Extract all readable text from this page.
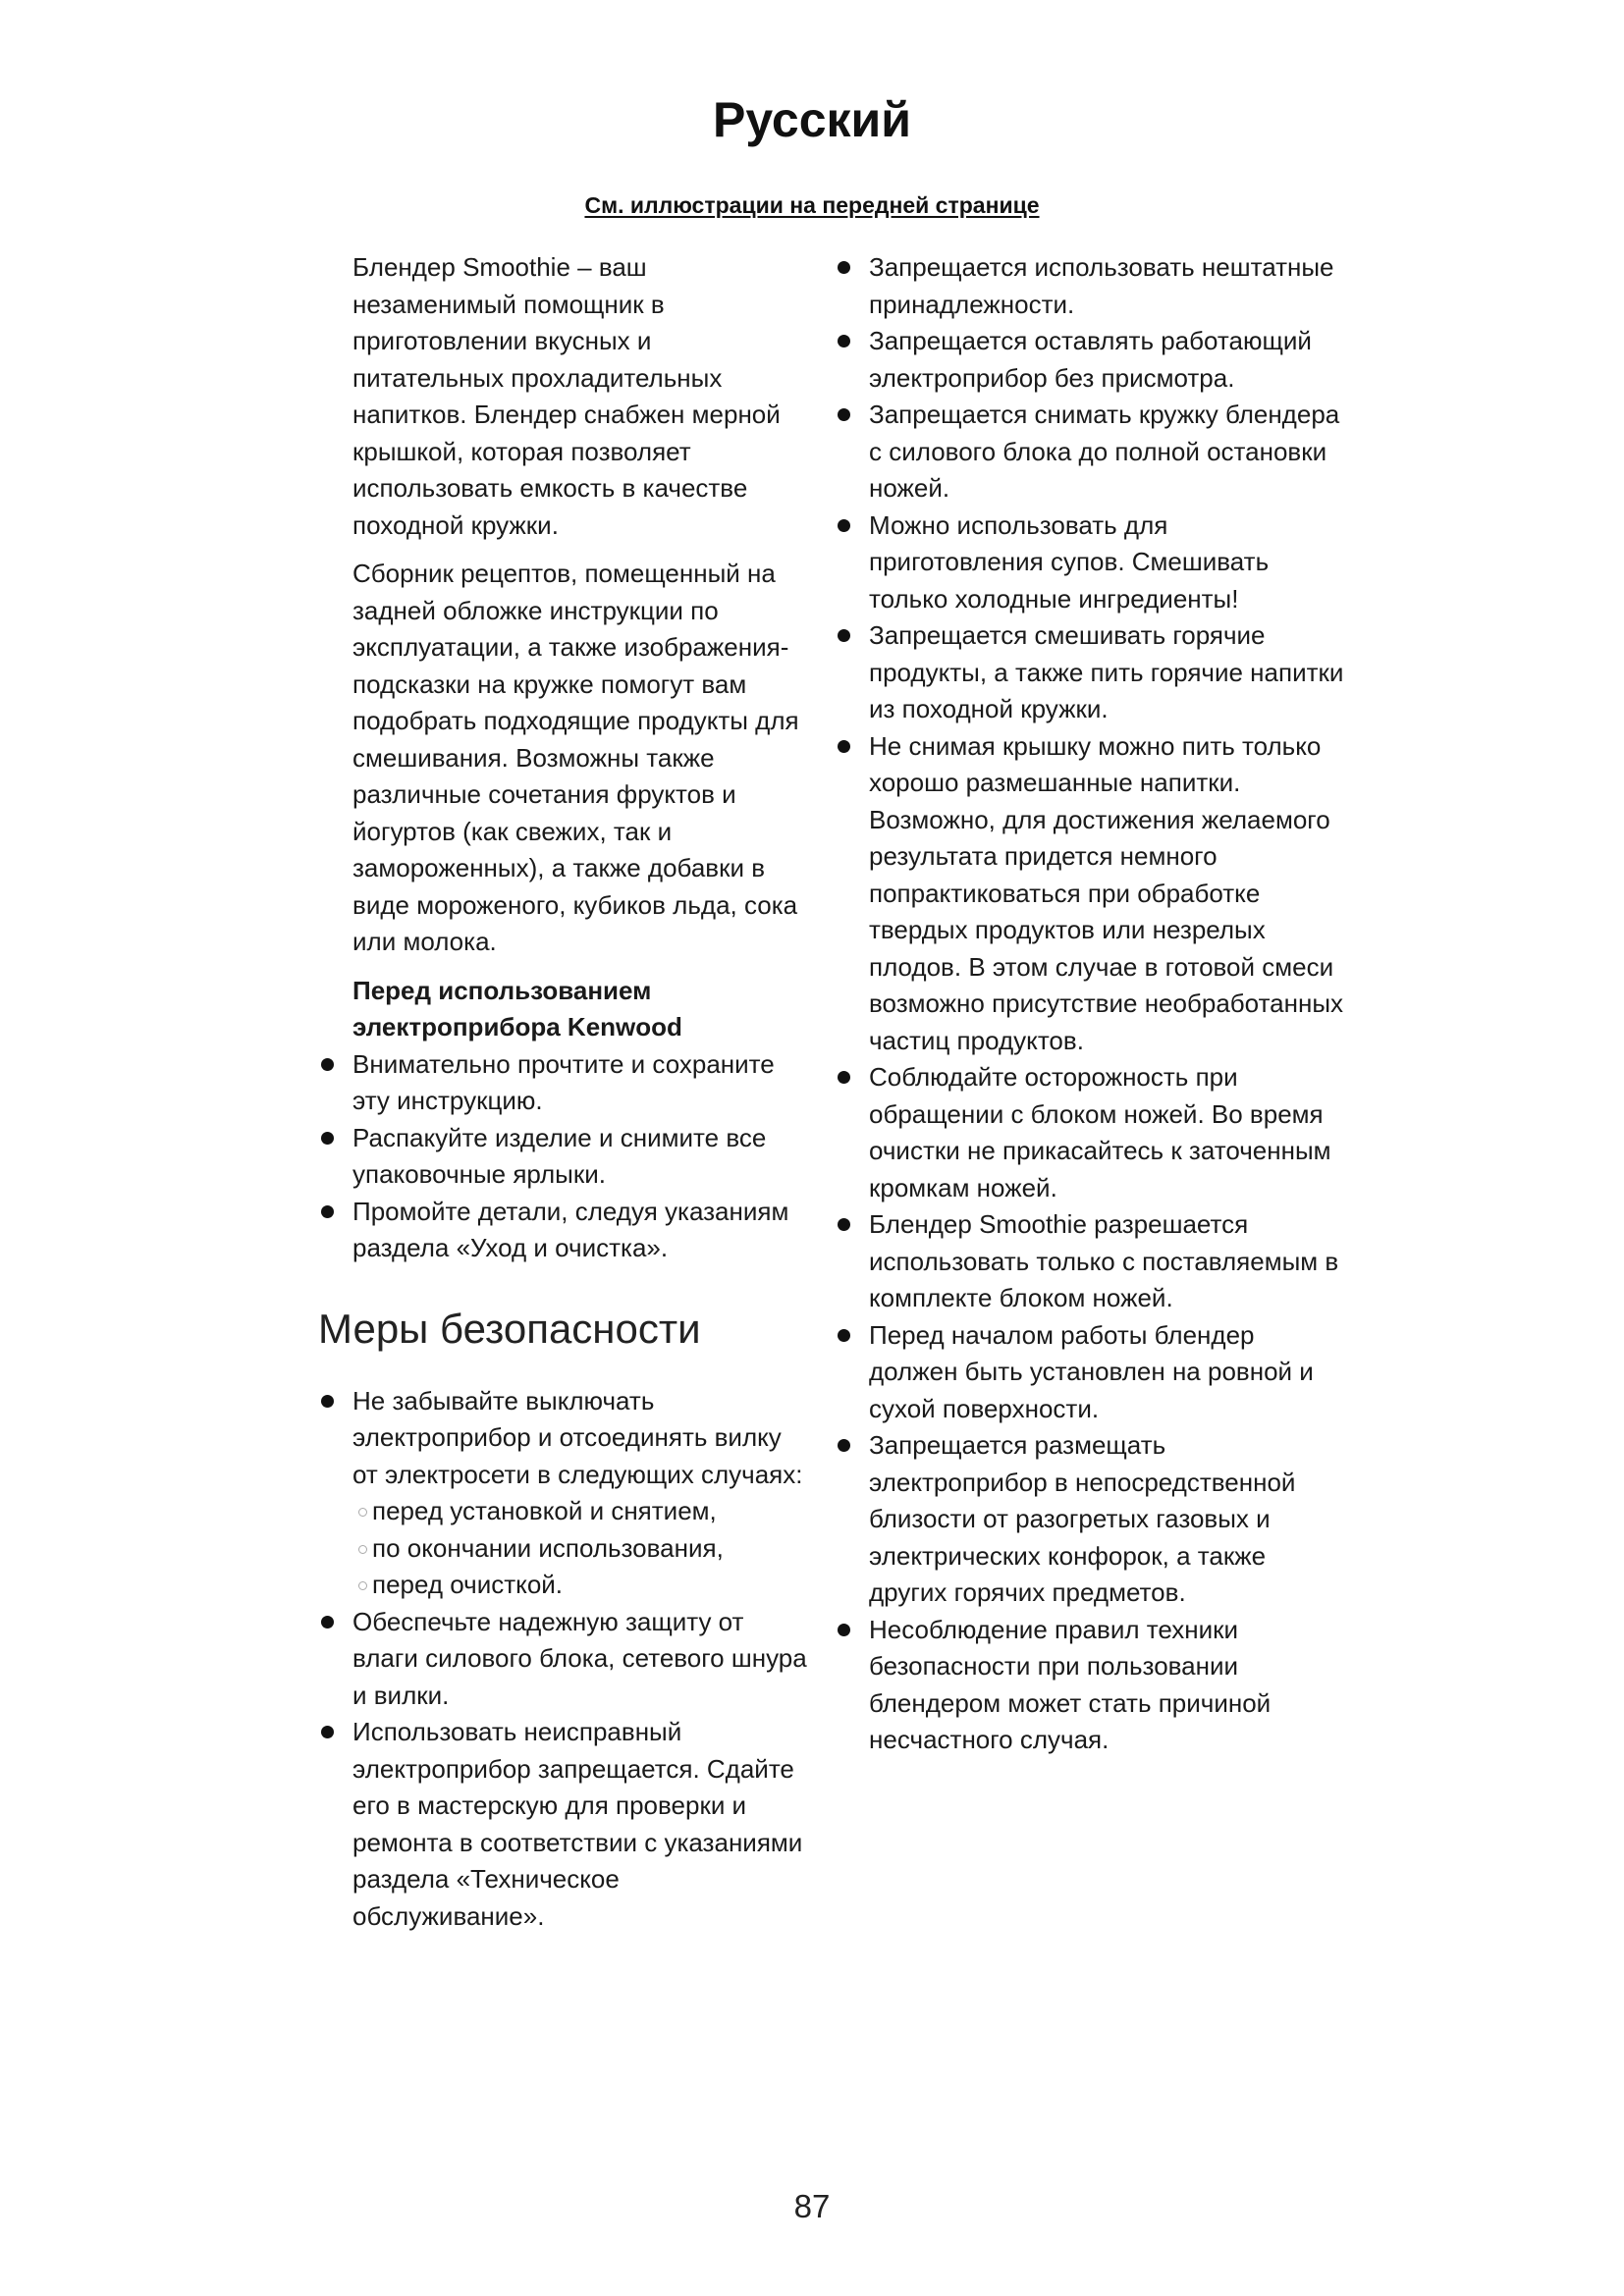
Русский
См. иллюстрации на передней странице

Блендер Smoothie – ваш незаменимый помощник в приготовлении вкусных и питательных прохладительных напитков. Блендер снабжен мерной крышкой, которая позволяет использовать емкость в качестве походной кружки.

Сборник рецептов, помещенный на задней обложке инструкции по эксплуатации, а также изображения-подсказки на кружке помогут вам подобрать подходящие продукты для смешивания. Возможны также различные сочетания фруктов и йогуртов (как свежих, так и замороженных), а также добавки в виде мороженого, кубиков льда, сока или молока.

Перед использованием электроприбора Kenwood
Внимательно прочтите и сохраните эту инструкцию.
Распакуйте изделие и снимите все упаковочные ярлыки.
Промойте детали, следуя указаниям раздела «Уход и очистка».
Меры безопасности
Не забывайте выключать электроприбор и отсоединять вилку от электросети в следующих случаях:
перед установкой и снятием,
по окончании использования,
перед очисткой.
Обеспечьте надежную защиту от влаги силового блока, сетевого шнура и вилки.
Использовать неисправный электроприбор запрещается. Сдайте его в мастерскую для проверки и ремонта в соответствии с указаниями раздела «Техническое обслуживание».
Запрещается использовать нештатные принадлежности.
Запрещается оставлять работающий электроприбор без присмотра.
Запрещается снимать кружку блендера с силового блока до полной остановки ножей.
Можно использовать для приготовления супов. Смешивать только холодные ингредиенты!
Запрещается смешивать горячие продукты, а также пить горячие напитки из походной кружки.
Не снимая крышку можно пить только хорошо размешанные напитки. Возможно, для достижения желаемого результата придется немного попрактиковаться при обработке твердых продуктов или незрелых плодов. В этом случае в готовой смеси возможно присутствие необработанных частиц продуктов.
Соблюдайте осторожность при обращении с блоком ножей. Во время очистки не прикасайтесь к заточенным кромкам ножей.
Блендер Smoothie разрешается использовать только с поставляемым в комплекте блоком ножей.
Перед началом работы блендер должен быть установлен на ровной и сухой поверхности.
Запрещается размещать электроприбор в непосредственной близости от разогретых газовых и электрических конфорок, а также других горячих предметов.
Несоблюдение правил техники безопасности при пользовании блендером может стать причиной несчастного случая.
87
